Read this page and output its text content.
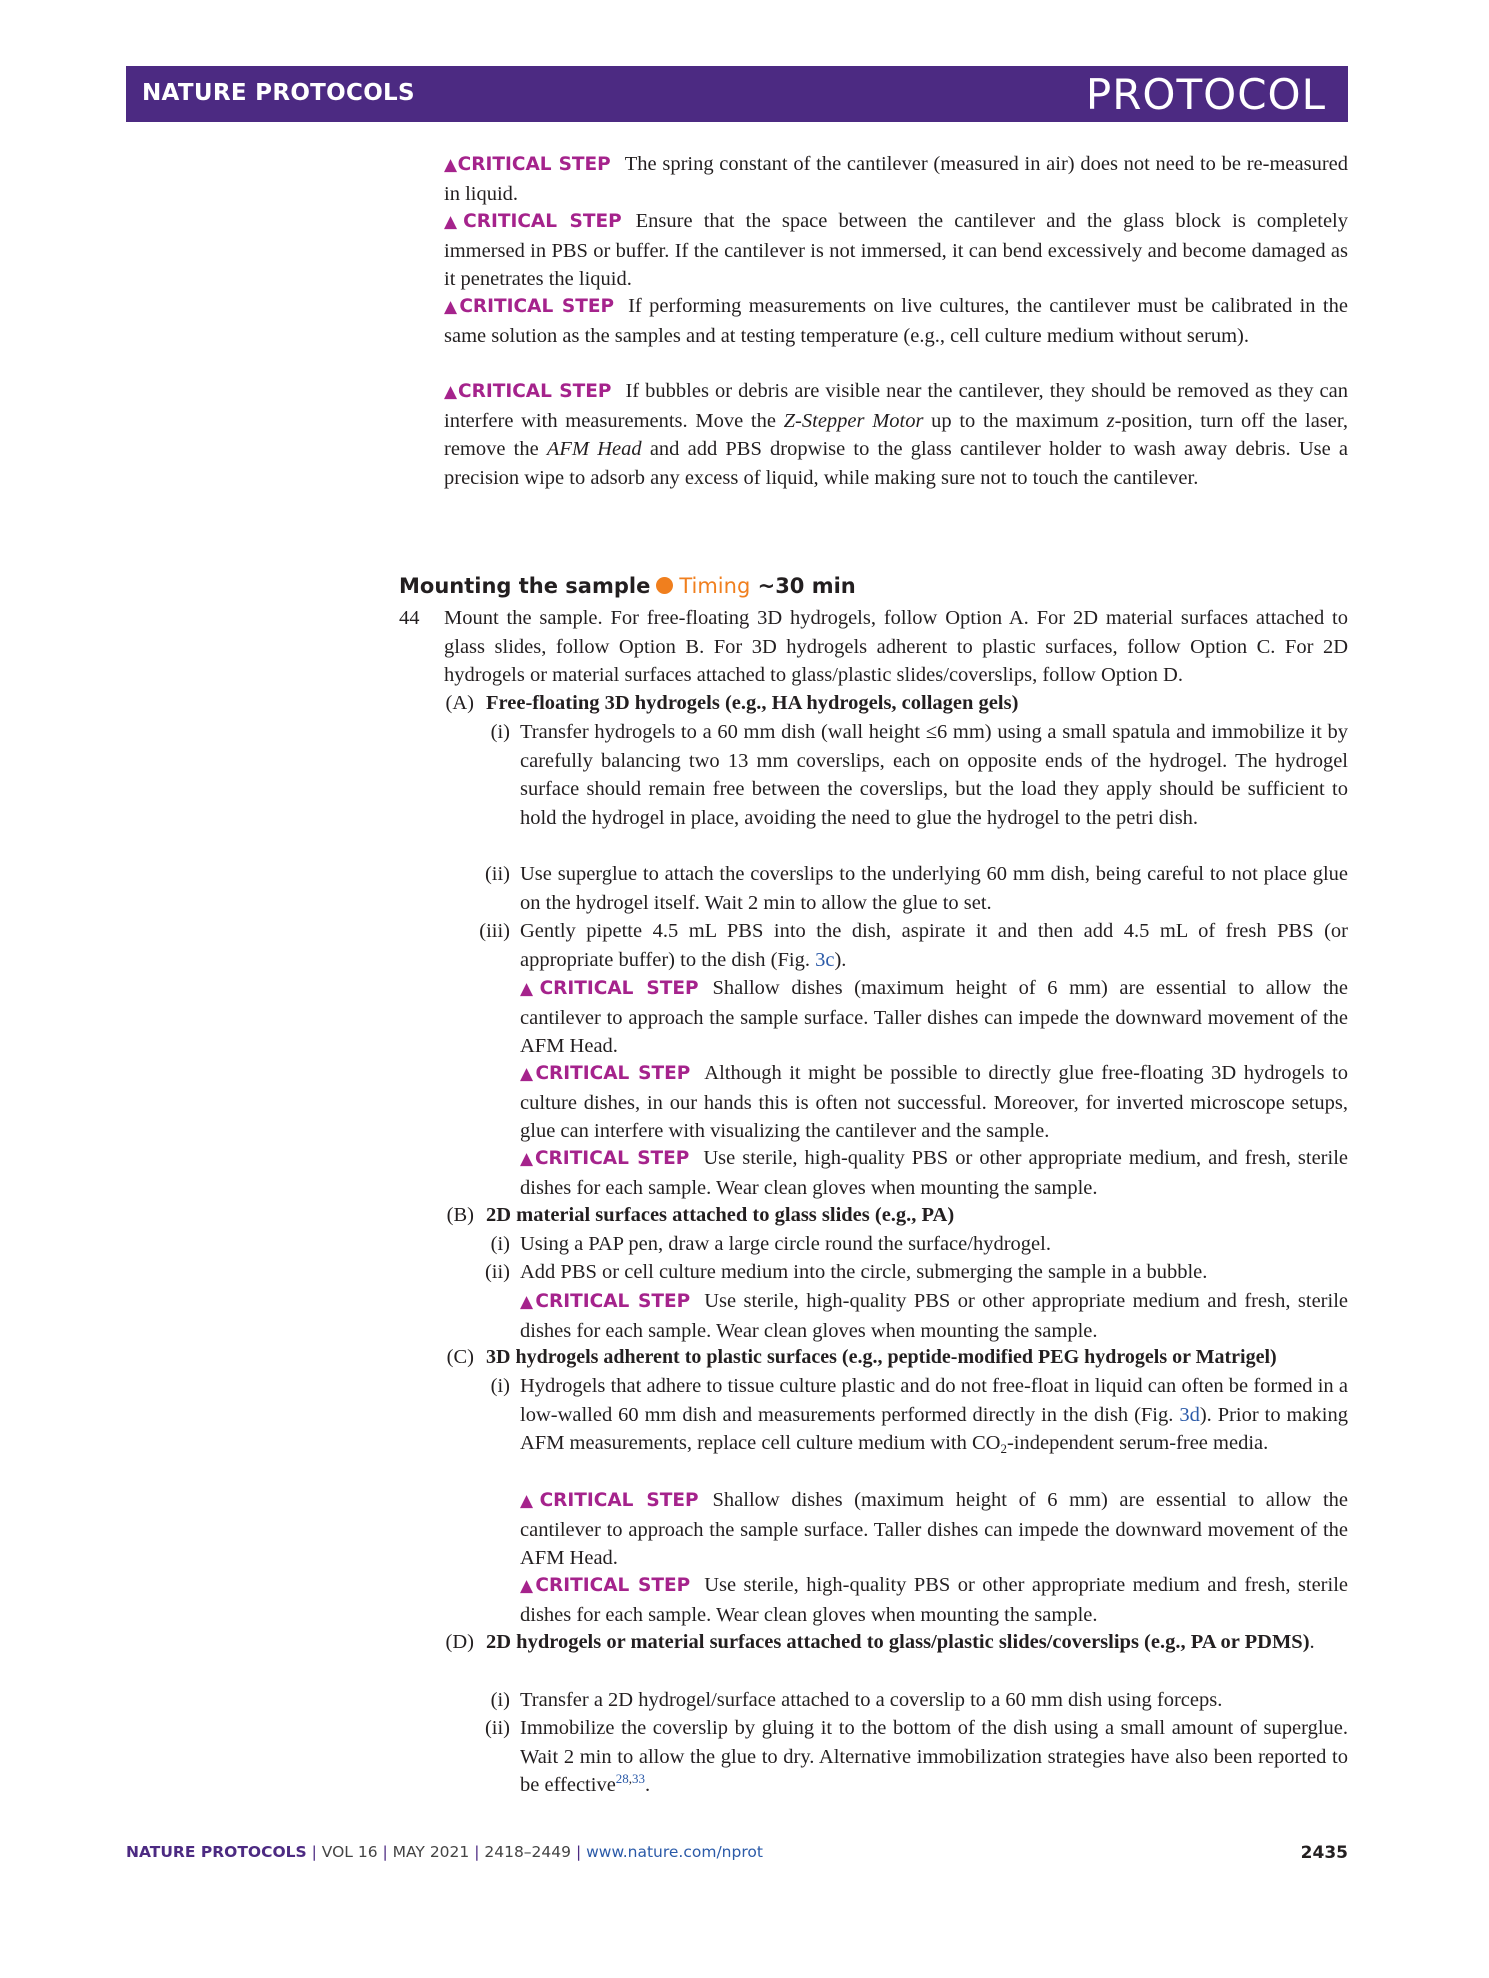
NATURE PROTOCOLS	PROTOCOL
▲CRITICAL STEP The spring constant of the cantilever (measured in air) does not need to be re-measured in liquid.
▲CRITICAL STEP Ensure that the space between the cantilever and the glass block is completely immersed in PBS or buffer. If the cantilever is not immersed, it can bend excessively and become damaged as it penetrates the liquid.
▲CRITICAL STEP If performing measurements on live cultures, the cantilever must be calibrated in the same solution as the samples and at testing temperature (e.g., cell culture medium without serum).
▲CRITICAL STEP If bubbles or debris are visible near the cantilever, they should be removed as they can interfere with measurements. Move the Z-Stepper Motor up to the maximum z-position, turn off the laser, remove the AFM Head and add PBS dropwise to the glass cantilever holder to wash away debris. Use a precision wipe to adsorb any excess of liquid, while making sure not to touch the cantilever.
Mounting the sample Timing ~30 min
44 Mount the sample. For free-floating 3D hydrogels, follow Option A. For 2D material surfaces attached to glass slides, follow Option B. For 3D hydrogels adherent to plastic surfaces, follow Option C. For 2D hydrogels or material surfaces attached to glass/plastic slides/coverslips, follow Option D.
(A) Free-floating 3D hydrogels (e.g., HA hydrogels, collagen gels)
(i) Transfer hydrogels to a 60 mm dish (wall height ≤6 mm) using a small spatula and immobilize it by carefully balancing two 13 mm coverslips, each on opposite ends of the hydrogel. The hydrogel surface should remain free between the coverslips, but the load they apply should be sufficient to hold the hydrogel in place, avoiding the need to glue the hydrogel to the petri dish.
(ii) Use superglue to attach the coverslips to the underlying 60 mm dish, being careful to not place glue on the hydrogel itself. Wait 2 min to allow the glue to set.
(iii) Gently pipette 4.5 mL PBS into the dish, aspirate it and then add 4.5 mL of fresh PBS (or appropriate buffer) to the dish (Fig. 3c).
▲CRITICAL STEP Shallow dishes (maximum height of 6 mm) are essential to allow the cantilever to approach the sample surface. Taller dishes can impede the downward movement of the AFM Head.
▲CRITICAL STEP Although it might be possible to directly glue free-floating 3D hydrogels to culture dishes, in our hands this is often not successful. Moreover, for inverted microscope setups, glue can interfere with visualizing the cantilever and the sample.
▲CRITICAL STEP Use sterile, high-quality PBS or other appropriate medium, and fresh, sterile dishes for each sample. Wear clean gloves when mounting the sample.
(B) 2D material surfaces attached to glass slides (e.g., PA)
(i) Using a PAP pen, draw a large circle round the surface/hydrogel.
(ii) Add PBS or cell culture medium into the circle, submerging the sample in a bubble.
▲CRITICAL STEP Use sterile, high-quality PBS or other appropriate medium and fresh, sterile dishes for each sample. Wear clean gloves when mounting the sample.
(C) 3D hydrogels adherent to plastic surfaces (e.g., peptide-modified PEG hydrogels or Matrigel)
(i) Hydrogels that adhere to tissue culture plastic and do not free-float in liquid can often be formed in a low-walled 60 mm dish and measurements performed directly in the dish (Fig. 3d). Prior to making AFM measurements, replace cell culture medium with $CO_2$-independent serum-free media.
▲CRITICAL STEP Shallow dishes (maximum height of 6 mm) are essential to allow the cantilever to approach the sample surface. Taller dishes can impede the downward movement of the AFM Head.
▲CRITICAL STEP Use sterile, high-quality PBS or other appropriate medium and fresh, sterile dishes for each sample. Wear clean gloves when mounting the sample.
(D) 2D hydrogels or material surfaces attached to glass/plastic slides/coverslips (e.g., PA or PDMS).
(i) Transfer a 2D hydrogel/surface attached to a coverslip to a 60 mm dish using forceps.
(ii) Immobilize the coverslip by gluing it to the bottom of the dish using a small amount of superglue. Wait 2 min to allow the glue to dry. Alternative immobilization strategies have also been reported to be effective$^{28,33}$.
NATURE PROTOCOLS | VOL 16 | MAY 2021 | 2418–2449 | www.nature.com/nprot	2435
